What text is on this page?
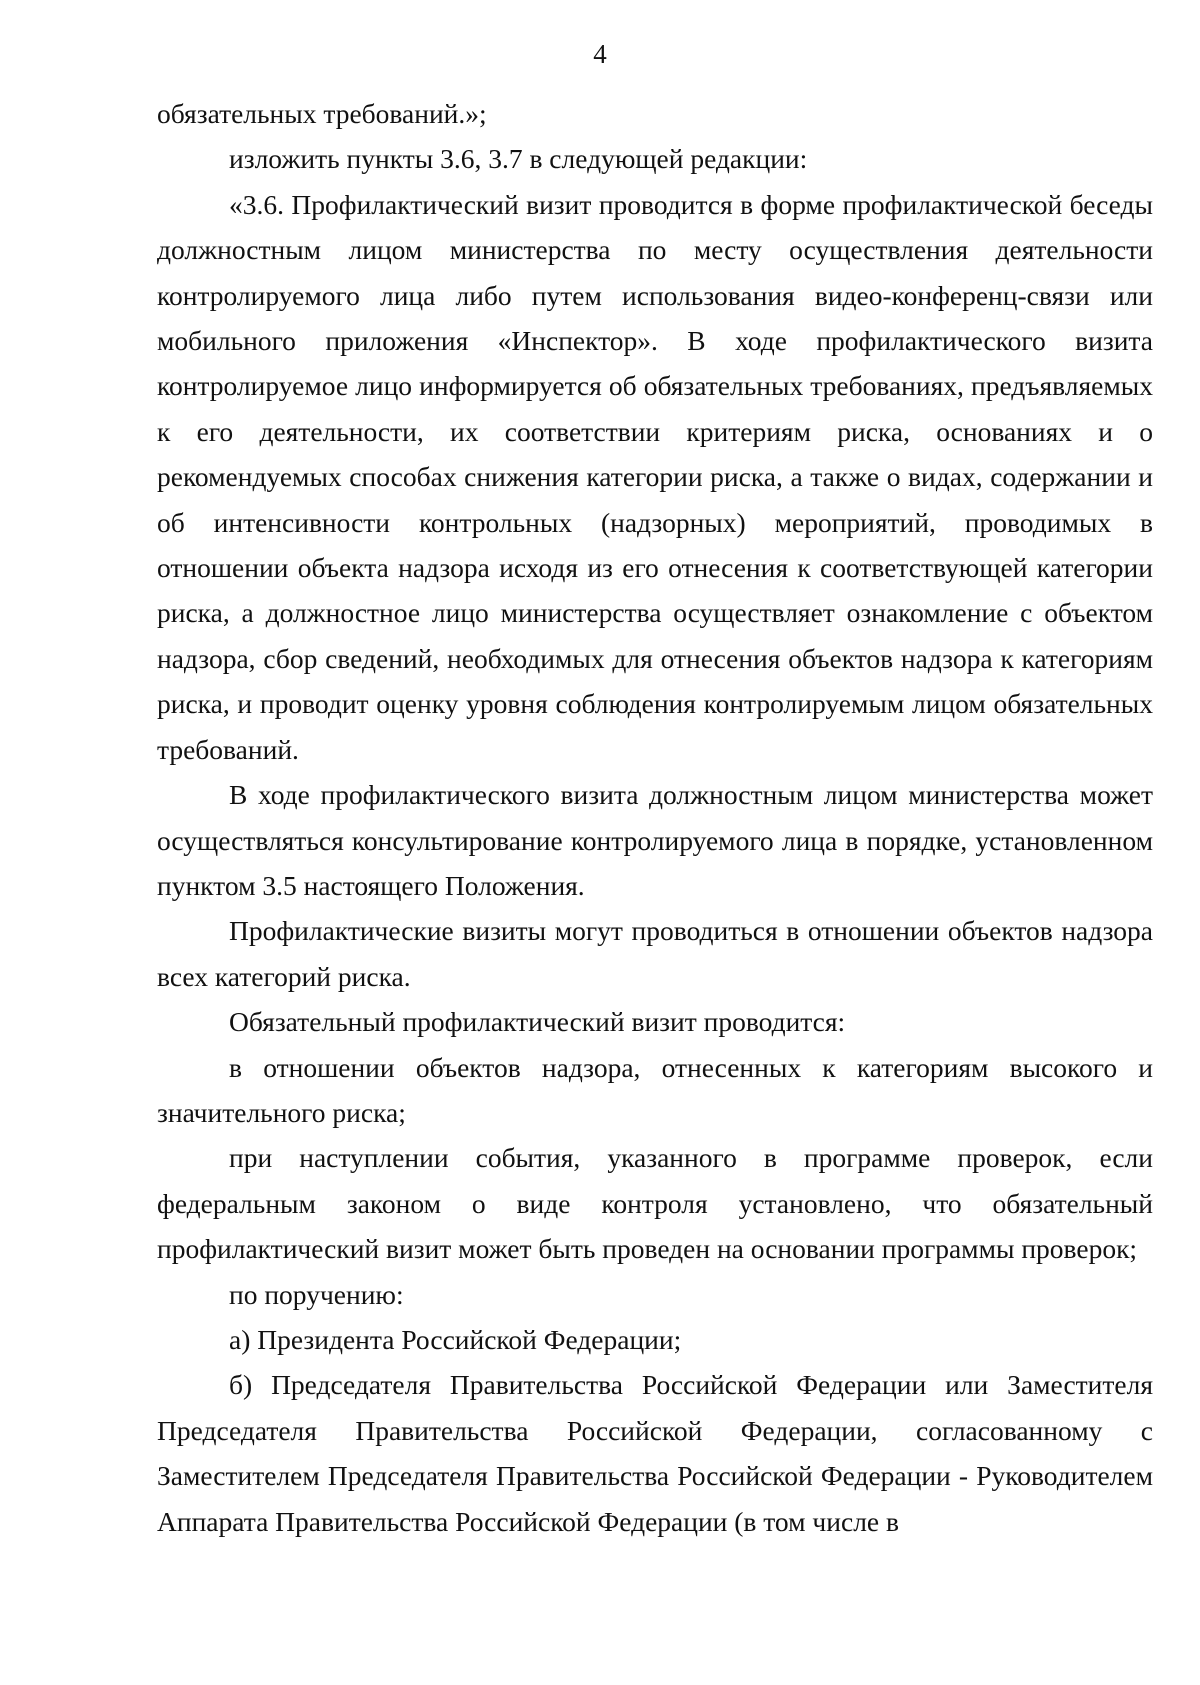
4

обязательных требований.»;

изложить пункты 3.6, 3.7 в следующей редакции:

«3.6. Профилактический визит проводится в форме профилактической беседы должностным лицом министерства по месту осуществления деятельности контролируемого лица либо путем использования видео-конференц-связи или мобильного приложения «Инспектор». В ходе профилактического визита контролируемое лицо информируется об обязательных требованиях, предъявляемых к его деятельности, их соответствии критериям риска, основаниях и о рекомендуемых способах снижения категории риска, а также о видах, содержании и об интенсивности контрольных (надзорных) мероприятий, проводимых в отношении объекта надзора исходя из его отнесения к соответствующей категории риска, а должностное лицо министерства осуществляет ознакомление с объектом надзора, сбор сведений, необходимых для отнесения объектов надзора к категориям риска, и проводит оценку уровня соблюдения контролируемым лицом обязательных требований.

В ходе профилактического визита должностным лицом министерства может осуществляться консультирование контролируемого лица в порядке, установленном пунктом 3.5 настоящего Положения.

Профилактические визиты могут проводиться в отношении объектов надзора всех категорий риска.

Обязательный профилактический визит проводится:

в отношении объектов надзора, отнесенных к категориям высокого и значительного риска;

при наступлении события, указанного в программе проверок, если федеральным законом о виде контроля установлено, что обязательный профилактический визит может быть проведен на основании программы проверок;

по поручению:

а) Президента Российской Федерации;

б) Председателя Правительства Российской Федерации или Заместителя Председателя Правительства Российской Федерации, согласованному с Заместителем Председателя Правительства Российской Федерации - Руководителем Аппарата Правительства Российской Федерации (в том числе в
